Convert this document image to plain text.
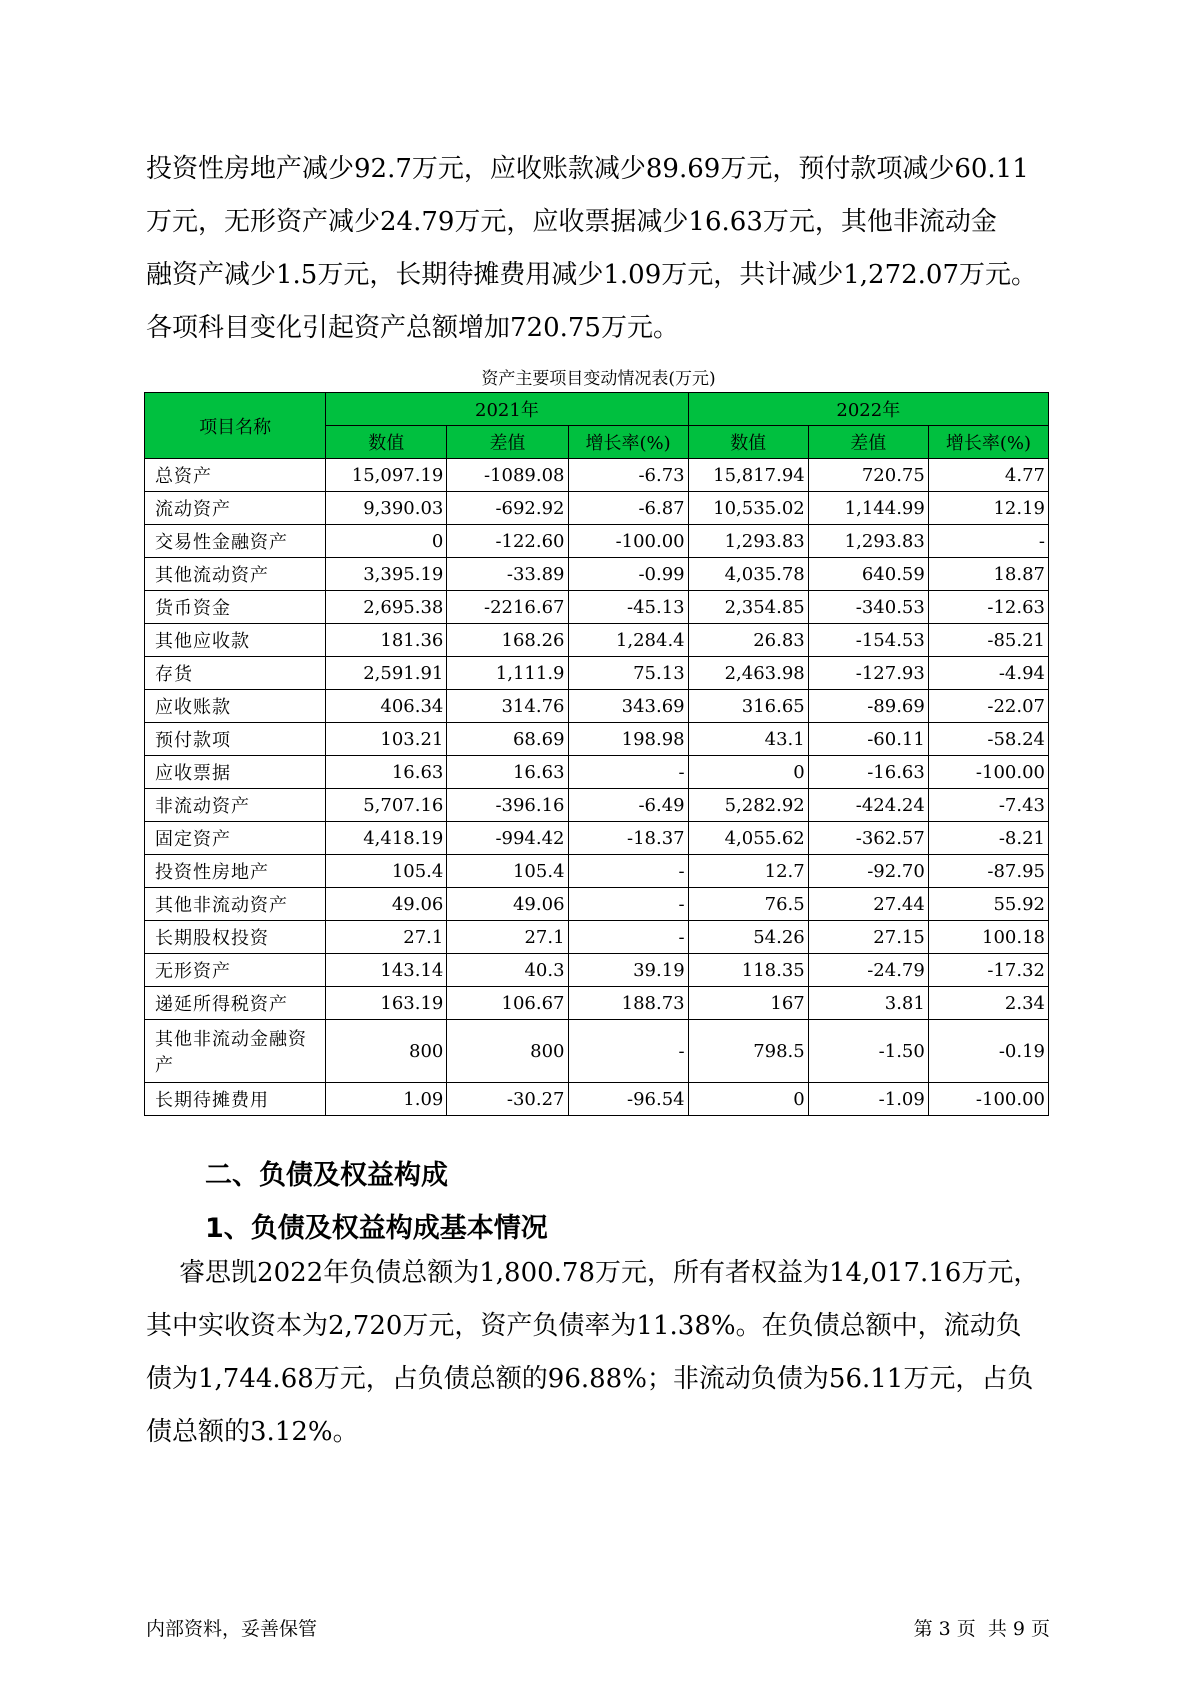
投资性房地产减少92.7万元，应收账款减少89.69万元，预付款项减少60.11
万元，无形资产减少24.79万元，应收票据减少16.63万元，其他非流动金
融资产减少1.5万元，长期待摊费用减少1.09万元，共计减少1,272.07万元。
各项科目变化引起资产总额增加720.75万元。
资产主要项目变动情况表(万元)
项目名称	2021年			2022年		
	数值	差值	增长率(%)	数值	差值	增长率(%)
总资产	15,097.19	-1089.08	-6.73	15,817.94	720.75	4.77
流动资产	9,390.03	-692.92	-6.87	10,535.02	1,144.99	12.19
交易性金融资产	0	-122.60	-100.00	1,293.83	1,293.83	-
其他流动资产	3,395.19	-33.89	-0.99	4,035.78	640.59	18.87
货币资金	2,695.38	-2216.67	-45.13	2,354.85	-340.53	-12.63
其他应收款	181.36	168.26	1,284.4	26.83	-154.53	-85.21
存货	2,591.91	1,111.9	75.13	2,463.98	-127.93	-4.94
应收账款	406.34	314.76	343.69	316.65	-89.69	-22.07
预付款项	103.21	68.69	198.98	43.1	-60.11	-58.24
应收票据	16.63	16.63	-	0	-16.63	-100.00
非流动资产	5,707.16	-396.16	-6.49	5,282.92	-424.24	-7.43
固定资产	4,418.19	-994.42	-18.37	4,055.62	-362.57	-8.21
投资性房地产	105.4	105.4	-	12.7	-92.70	-87.95
其他非流动资产	49.06	49.06	-	76.5	27.44	55.92
长期股权投资	27.1	27.1	-	54.26	27.15	100.18
无形资产	143.14	40.3	39.19	118.35	-24.79	-17.32
递延所得税资产	163.19	106.67	188.73	167	3.81	2.34
其他非流动金融资产	800	800	-	798.5	-1.50	-0.19
长期待摊费用	1.09	-30.27	-96.54	0	-1.09	-100.00
二、负债及权益构成
1、负债及权益构成基本情况
睿思凯2022年负债总额为1,800.78万元，所有者权益为14,017.16万元，
其中实收资本为2,720万元，资产负债率为11.38%。在负债总额中，流动负
债为1,744.68万元，占负债总额的96.88%；非流动负债为56.11万元，占负
债总额的3.12%。
内部资料，妥善保管	第 3 页  共 9 页
